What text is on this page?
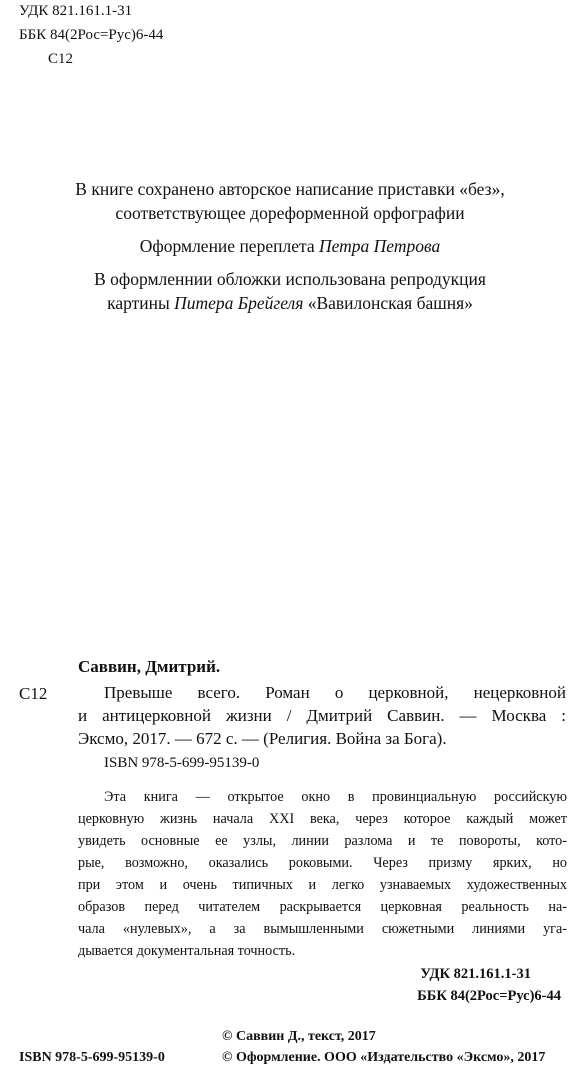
УДК 821.161.1-31
ББК 84(2Рос=Рус)6-44
С12
В книге сохранено авторское написание приставки «без»,
соответствующее дореформенной орфографии
Оформление переплета Петра Петрова
В оформленнии обложки использована репродукция
картины Питера Брейгеля «Вавилонская башня»
Саввин, Дмитрий.
С12	Превыше всего. Роман о церковной, нецерковной
и антицерковной жизни / Дмитрий Саввин. — Москва :
Эксмо, 2017. — 672 с. — (Религия. Война за Бога).
ISBN 978-5-699-95139-0
Эта книга — открытое окно в провинциальную российскую
церковную жизнь начала XXI века, через которое каждый может
увидеть основные ее узлы, линии разлома и те повороты, кото-
рые, возможно, оказались роковыми. Через призму ярких, но
при этом и очень типичных и легко узнаваемых художественных
образов перед читателем раскрывается церковная реальность на-
чала «нулевых», а за вымышленными сюжетными линиями уга-
дывается документальная точность.
УДК 821.161.1-31
ББК 84(2Рос=Рус)6-44
© Саввин Д., текст, 2017
ISBN 978-5-699-95139-0	© Оформление. ООО «Издательство «Эксмо», 2017
